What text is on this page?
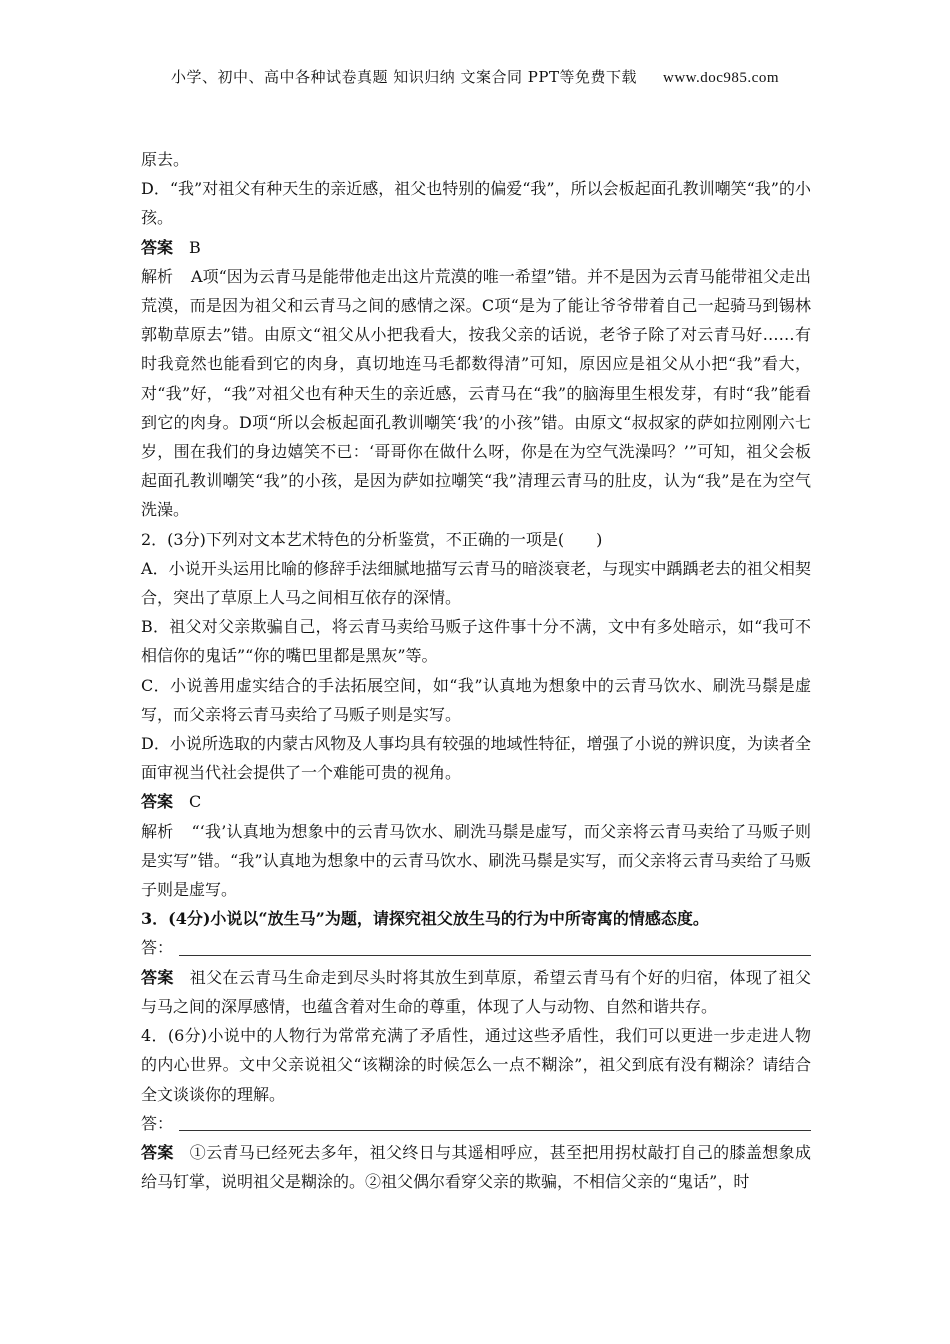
小学、初中、高中各种试卷真题 知识归纳 文案合同 PPT等免费下载 www.doc985.com

原去。

D．“我”对祖父有种天生的亲近感，祖父也特别的偏爱“我”，所以会板起面孔教训嘲笑“我”的小孩。

答案 B

解析 A项“因为云青马是能带他走出这片荒漠的唯一希望”错。并不是因为云青马能带祖父走出荒漠，而是因为祖父和云青马之间的感情之深。C项“是为了能让爷爷带着自己一起骑马到锡林郭勒草原去”错。由原文“祖父从小把我看大，按我父亲的话说，老爷子除了对云青马好……有时我竟然也能看到它的肉身，真切地连马毛都数得清”可知，原因应是祖父从小把“我”看大，对“我”好，“我”对祖父也有种天生的亲近感，云青马在“我”的脑海里生根发芽，有时“我”能看到它的肉身。D项“所以会板起面孔教训嘲笑‘我’的小孩”错。由原文“叔叔家的萨如拉刚刚六七岁，围在我们的身边嬉笑不已：‘哥哥你在做什么呀，你是在为空气洗澡吗？’”可知，祖父会板起面孔教训嘲笑“我”的小孩，是因为萨如拉嘲笑“我”清理云青马的肚皮，认为“我”是在为空气洗澡。

2．(3分)下列对文本艺术特色的分析鉴赏，不正确的一项是(　　)

A．小说开头运用比喻的修辞手法细腻地描写云青马的暗淡衰老，与现实中踽踽老去的祖父相契合，突出了草原上人马之间相互依存的深情。

B．祖父对父亲欺骗自己，将云青马卖给马贩子这件事十分不满，文中有多处暗示，如“我可不相信你的鬼话”“你的嘴巴里都是黑灰”等。

C．小说善用虚实结合的手法拓展空间，如“我”认真地为想象中的云青马饮水、刷洗马鬃是虚写，而父亲将云青马卖给了马贩子则是实写。

D．小说所选取的内蒙古风物及人事均具有较强的地域性特征，增强了小说的辨识度，为读者全面审视当代社会提供了一个难能可贵的视角。

答案 C

解析 “‘我’认真地为想象中的云青马饮水、刷洗马鬃是虚写，而父亲将云青马卖给了马贩子则是实写”错。“我”认真地为想象中的云青马饮水、刷洗马鬃是实写，而父亲将云青马卖给了马贩子则是虚写。

3．(4分)小说以“放生马”为题，请探究祖父放生马的行为中所寄寓的情感态度。

答：

答案 祖父在云青马生命走到尽头时将其放生到草原，希望云青马有个好的归宿，体现了祖父与马之间的深厚感情，也蕴含着对生命的尊重，体现了人与动物、自然和谐共存。

4．(6分)小说中的人物行为常常充满了矛盾性，通过这些矛盾性，我们可以更进一步走进人物的内心世界。文中父亲说祖父“该糊涂的时候怎么一点不糊涂”，祖父到底有没有糊涂？请结合全文谈谈你的理解。

答：

答案 ①云青马已经死去多年，祖父终日与其遥相呼应，甚至把用拐杖敲打自己的膝盖想象成给马钉掌，说明祖父是糊涂的。②祖父偶尔看穿父亲的欺骗，不相信父亲的“鬼话”，时
